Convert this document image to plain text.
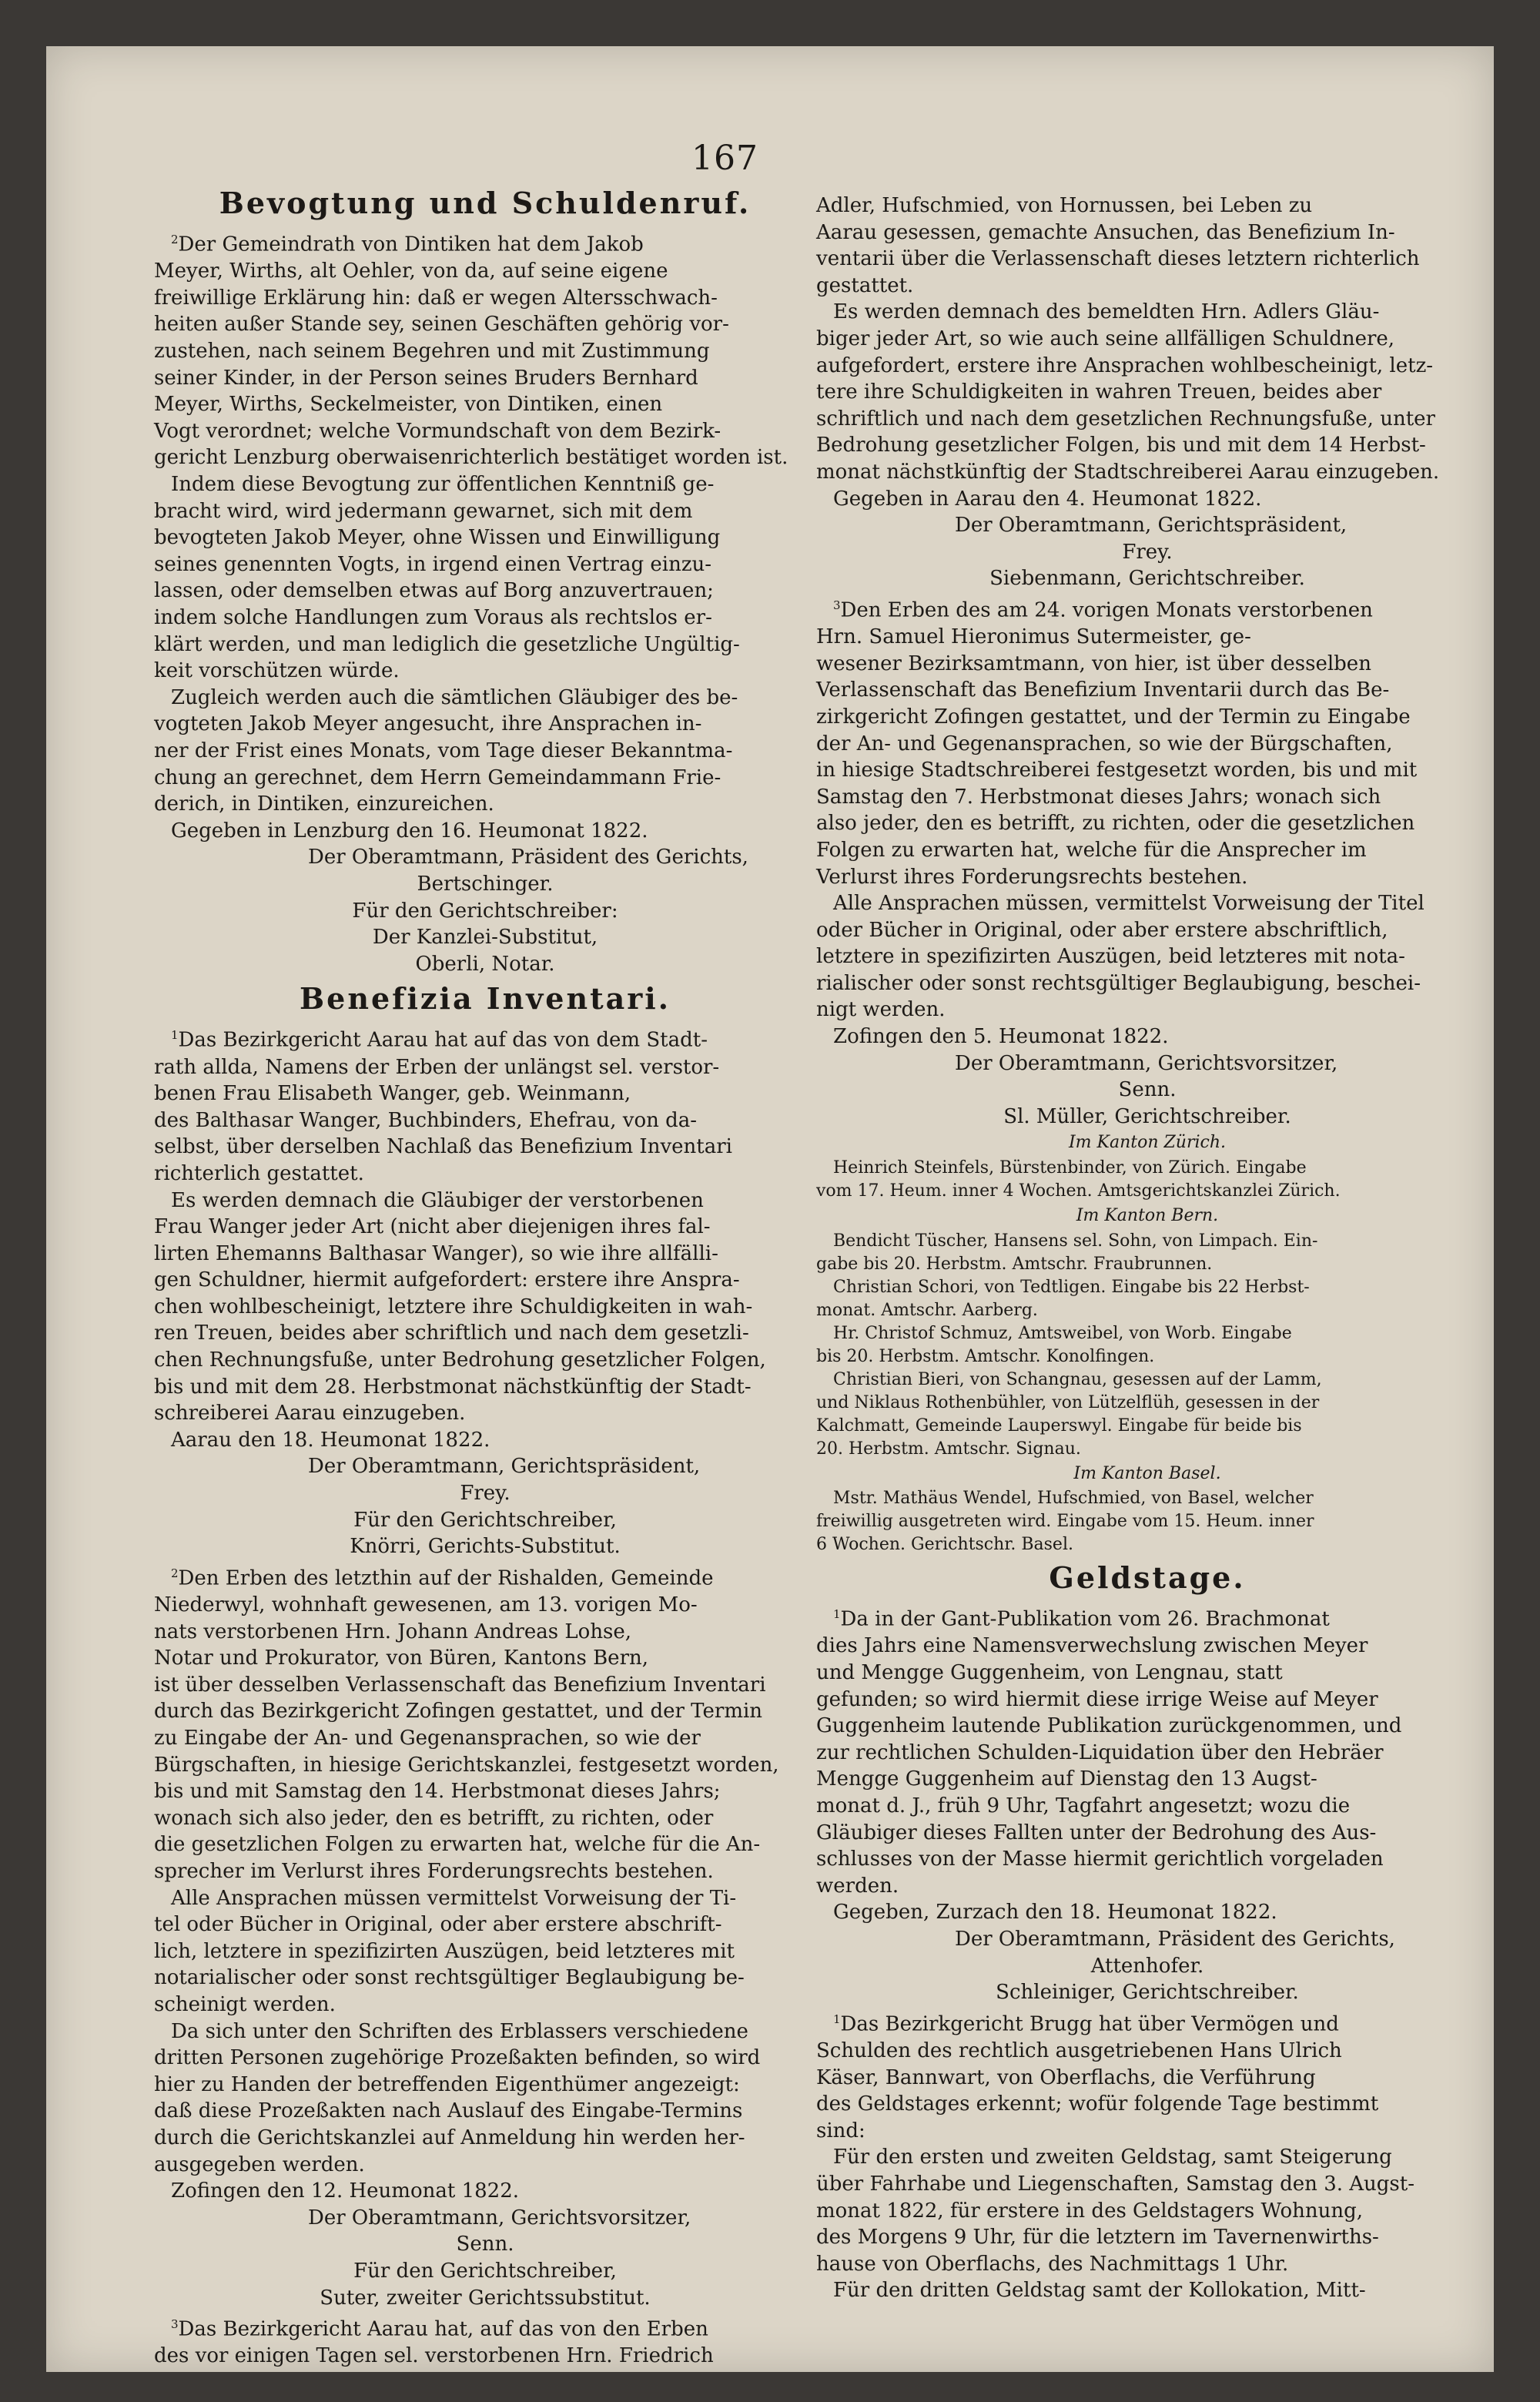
167
Bevogtung und Schuldenruf.

$^2$Der Gemeindrath von Dintiken hat dem Jakob

Meyer, Wirths, alt Oehler, von da, auf seine eigene

freiwillige Erklärung hin: daß er wegen Altersschwach-

heiten außer Stande sey, seinen Geschäften gehörig vor-

zustehen, nach seinem Begehren und mit Zustimmung

seiner Kinder, in der Person seines Bruders Bernhard

Meyer, Wirths, Seckelmeister, von Dintiken, einen

Vogt verordnet; welche Vormundschaft von dem Bezirk-

gericht Lenzburg oberwaisenrichterlich bestätiget worden ist.

Indem diese Bevogtung zur öffentlichen Kenntniß ge-

bracht wird, wird jedermann gewarnet, sich mit dem

bevogteten Jakob Meyer, ohne Wissen und Einwilligung

seines genennten Vogts, in irgend einen Vertrag einzu-

lassen, oder demselben etwas auf Borg anzuvertrauen;

indem solche Handlungen zum Voraus als rechtslos er-

klärt werden, und man lediglich die gesetzliche Ungültig-

keit vorschützen würde.

Zugleich werden auch die sämtlichen Gläubiger des be-

vogteten Jakob Meyer angesucht, ihre Ansprachen in-

ner der Frist eines Monats, vom Tage dieser Bekanntma-

chung an gerechnet, dem Herrn Gemeindammann Frie-

derich, in Dintiken, einzureichen.

Gegeben in Lenzburg den 16. Heumonat 1822.

Der Oberamtmann, Präsident des Gerichts,

Bertschinger.

Für den Gerichtschreiber:

Der Kanzlei-Substitut,

Oberli, Notar.

Benefizia Inventari.

$^1$Das Bezirkgericht Aarau hat auf das von dem Stadt-

rath allda, Namens der Erben der unlängst sel. verstor-

benen Frau Elisabeth Wanger, geb. Weinmann,

des Balthasar Wanger, Buchbinders, Ehefrau, von da-

selbst, über derselben Nachlaß das Benefizium Inventari

richterlich gestattet.

Es werden demnach die Gläubiger der verstorbenen

Frau Wanger jeder Art (nicht aber diejenigen ihres fal-

lirten Ehemanns Balthasar Wanger), so wie ihre allfälli-

gen Schuldner, hiermit aufgefordert: erstere ihre Anspra-

chen wohlbescheinigt, letztere ihre Schuldigkeiten in wah-

ren Treuen, beides aber schriftlich und nach dem gesetzli-

chen Rechnungsfuße, unter Bedrohung gesetzlicher Folgen,

bis und mit dem 28. Herbstmonat nächstkünftig der Stadt-

schreiberei Aarau einzugeben.

Aarau den 18. Heumonat 1822.

Der Oberamtmann, Gerichtspräsident,

Frey.

Für den Gerichtschreiber,

Knörri, Gerichts-Substitut.

$^2$Den Erben des letzthin auf der Rishalden, Gemeinde

Niederwyl, wohnhaft gewesenen, am 13. vorigen Mo-

nats verstorbenen Hrn. Johann Andreas Lohse,

Notar und Prokurator, von Büren, Kantons Bern,

ist über desselben Verlassenschaft das Benefizium Inventari

durch das Bezirkgericht Zofingen gestattet, und der Termin

zu Eingabe der An- und Gegenansprachen, so wie der

Bürgschaften, in hiesige Gerichtskanzlei, festgesetzt worden,

bis und mit Samstag den 14. Herbstmonat dieses Jahrs;

wonach sich also jeder, den es betrifft, zu richten, oder

die gesetzlichen Folgen zu erwarten hat, welche für die An-

sprecher im Verlurst ihres Forderungsrechts bestehen.

Alle Ansprachen müssen vermittelst Vorweisung der Ti-

tel oder Bücher in Original, oder aber erstere abschrift-

lich, letztere in spezifizirten Auszügen, beid letzteres mit

notarialischer oder sonst rechtsgültiger Beglaubigung be-

scheinigt werden.

Da sich unter den Schriften des Erblassers verschiedene

dritten Personen zugehörige Prozeßakten befinden, so wird

hier zu Handen der betreffenden Eigenthümer angezeigt:

daß diese Prozeßakten nach Auslauf des Eingabe-Termins

durch die Gerichtskanzlei auf Anmeldung hin werden her-

ausgegeben werden.

Zofingen den 12. Heumonat 1822.

Der Oberamtmann, Gerichtsvorsitzer,

Senn.

Für den Gerichtschreiber,

Suter, zweiter Gerichtssubstitut.

$^3$Das Bezirkgericht Aarau hat, auf das von den Erben

des vor einigen Tagen sel. verstorbenen Hrn. Friedrich

Adler, Hufschmied, von Hornussen, bei Leben zu

Aarau gesessen, gemachte Ansuchen, das Benefizium In-

ventarii über die Verlassenschaft dieses letztern richterlich

gestattet.

Es werden demnach des bemeldten Hrn. Adlers Gläu-

biger jeder Art, so wie auch seine allfälligen Schuldnere,

aufgefordert, erstere ihre Ansprachen wohlbescheinigt, letz-

tere ihre Schuldigkeiten in wahren Treuen, beides aber

schriftlich und nach dem gesetzlichen Rechnungsfuße, unter

Bedrohung gesetzlicher Folgen, bis und mit dem 14 Herbst-

monat nächstkünftig der Stadtschreiberei Aarau einzugeben.

Gegeben in Aarau den 4. Heumonat 1822.

Der Oberamtmann, Gerichtspräsident,

Frey.

Siebenmann, Gerichtschreiber.

$^3$Den Erben des am 24. vorigen Monats verstorbenen

Hrn. Samuel Hieronimus Sutermeister, ge-

wesener Bezirksamtmann, von hier, ist über desselben

Verlassenschaft das Benefizium Inventarii durch das Be-

zirkgericht Zofingen gestattet, und der Termin zu Eingabe

der An- und Gegenansprachen, so wie der Bürgschaften,

in hiesige Stadtschreiberei festgesetzt worden, bis und mit

Samstag den 7. Herbstmonat dieses Jahrs; wonach sich

also jeder, den es betrifft, zu richten, oder die gesetzlichen

Folgen zu erwarten hat, welche für die Ansprecher im

Verlurst ihres Forderungsrechts bestehen.

Alle Ansprachen müssen, vermittelst Vorweisung der Titel

oder Bücher in Original, oder aber erstere abschriftlich,

letztere in spezifizirten Auszügen, beid letzteres mit nota-

rialischer oder sonst rechtsgültiger Beglaubigung, beschei-

nigt werden.

Zofingen den 5. Heumonat 1822.

Der Oberamtmann, Gerichtsvorsitzer,

Senn.

Sl. Müller, Gerichtschreiber.

Im Kanton Zürich.

Heinrich Steinfels, Bürstenbinder, von Zürich. Eingabe

vom 17. Heum. inner 4 Wochen. Amtsgerichtskanzlei Zürich.

Im Kanton Bern.

Bendicht Tüscher, Hansens sel. Sohn, von Limpach. Ein-

gabe bis 20. Herbstm. Amtschr. Fraubrunnen.

Christian Schori, von Tedtligen. Eingabe bis 22 Herbst-

monat. Amtschr. Aarberg.

Hr. Christof Schmuz, Amtsweibel, von Worb. Eingabe

bis 20. Herbstm. Amtschr. Konolfingen.

Christian Bieri, von Schangnau, gesessen auf der Lamm,

und Niklaus Rothenbühler, von Lützelflüh, gesessen in der

Kalchmatt, Gemeinde Lauperswyl. Eingabe für beide bis

20. Herbstm. Amtschr. Signau.

Im Kanton Basel.

Mstr. Mathäus Wendel, Hufschmied, von Basel, welcher

freiwillig ausgetreten wird. Eingabe vom 15. Heum. inner

6 Wochen. Gerichtschr. Basel.

Geldstage.

$^1$Da in der Gant-Publikation vom 26. Brachmonat

dies Jahrs eine Namensverwechslung zwischen Meyer

und Mengge Guggenheim, von Lengnau, statt

gefunden; so wird hiermit diese irrige Weise auf Meyer

Guggenheim lautende Publikation zurückgenommen, und

zur rechtlichen Schulden-Liquidation über den Hebräer

Mengge Guggenheim auf Dienstag den 13 Augst-

monat d. J., früh 9 Uhr, Tagfahrt angesetzt; wozu die

Gläubiger dieses Fallten unter der Bedrohung des Aus-

schlusses von der Masse hiermit gerichtlich vorgeladen

werden.

Gegeben, Zurzach den 18. Heumonat 1822.

Der Oberamtmann, Präsident des Gerichts,

Attenhofer.

Schleiniger, Gerichtschreiber.

$^1$Das Bezirkgericht Brugg hat über Vermögen und

Schulden des rechtlich ausgetriebenen Hans Ulrich

Käser, Bannwart, von Oberflachs, die Verführung

des Geldstages erkennt; wofür folgende Tage bestimmt

sind:

Für den ersten und zweiten Geldstag, samt Steigerung

über Fahrhabe und Liegenschaften, Samstag den 3. Augst-

monat 1822, für erstere in des Geldstagers Wohnung,

des Morgens 9 Uhr, für die letztern im Tavernenwirths-

hause von Oberflachs, des Nachmittags 1 Uhr.

Für den dritten Geldstag samt der Kollokation, Mitt-
